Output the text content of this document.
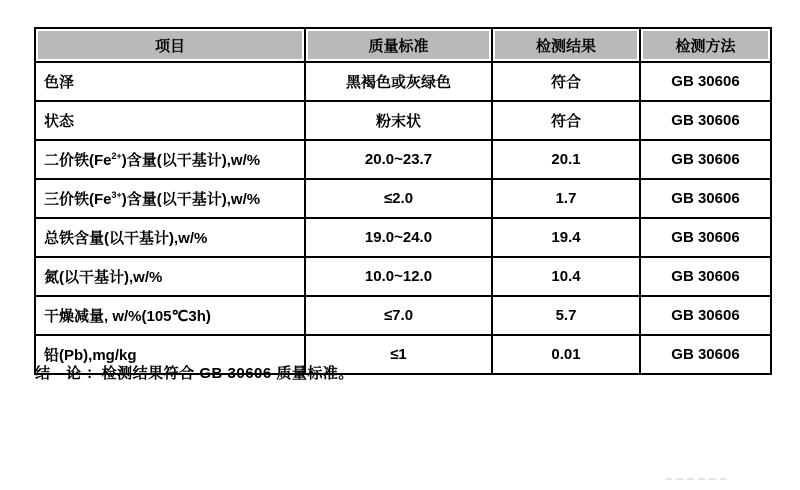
项目	质量标准	检测结果	检测方法

色泽	黑褐色或灰绿色	符合	GB 30606
状态	粉末状	符合	GB 30606
二价铁$(Fe^{2+})$含量(以干基计),w/%	20.0~23.7	20.1	GB 30606
三价铁$(Fe^{3+})$含量(以干基计),w/%	≤2.0	1.7	GB 30606
总铁含量(以干基计),w/%	19.0~24.0	19.4	GB 30606
氮(以干基计),w/%	10.0~12.0	10.4	GB 30606
干燥减量, w/%(105℃3h)	≤7.0	5.7	GB 30606
铅(Pb),mg/kg	≤1	0.01	GB 30606
结　论 ：检测结果符合 GB 30606 质量标准。
